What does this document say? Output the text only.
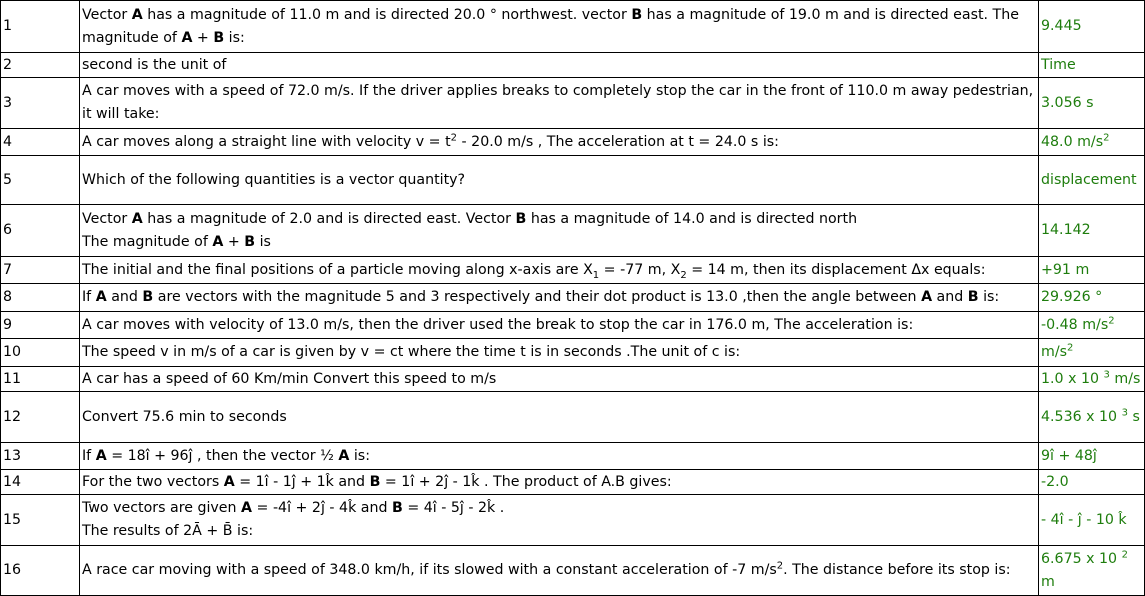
1	Vector A has a magnitude of 11.0 m and is directed 20.0 ° northwest. vector B has a magnitude of 19.0 m and is directed east. The magnitude of A + B is:	9.445
2	second is the unit of	Time
3	A car moves with a speed of 72.0 m/s. If the driver applies breaks to completely stop the car in the front of 110.0 m away pedestrian, it will take:	3.056 s
4	A car moves along a straight line with velocity $v = t^2 - 20.0$ m/s , The acceleration at t = 24.0 s is:	48.0 $m/s^2$
5	Which of the following quantities is a vector quantity?	displacement
6	Vector A has a magnitude of 2.0 and is directed east. Vector B has a magnitude of 14.0 and is directed north
The magnitude of A + B is	14.142
7	The initial and the final positions of a particle moving along x-axis are $X_1 = -77$ m, $X_2 = 14$ m, then its displacement Δx equals:	+91 m
8	If A and B are vectors with the magnitude 5 and 3 respectively and their dot product is 13.0 ,then the angle between A and B is:	29.926 °
9	A car moves with velocity of 13.0 m/s, then the driver used the break to stop the car in 176.0 m, The acceleration is:	-0.48 $m/s^2$
10	The speed v in m/s of a car is given by v = ct where the time t is in seconds .The unit of c is:	$m/s^2$
11	A car has a speed of 60 Km/min Convert this speed to m/s	1.0 x 10 $^3$ m/s
12	Convert 75.6 min to seconds	4.536 x 10 $^3$ s
13	If A = 18î + 96ĵ , then the vector ½ A is:	9î + 48ĵ
14	For the two vectors A = 1î - 1ĵ + 1k̂ and B = 1î + 2ĵ - 1k̂ . The product of A.B gives:	-2.0
15	Two vectors are given A = -4î + 2ĵ - 4k̂ and B = 4î - 5ĵ - 2k̂ .
The results of 2Ā + B̄ is:	- 4î - ĵ - 10 k̂
16	A race car moving with a speed of 348.0 km/h, if its slowed with a constant acceleration of -7 $m/s^2$. The distance before its stop is:	6.675 x 10 $^2$ m
